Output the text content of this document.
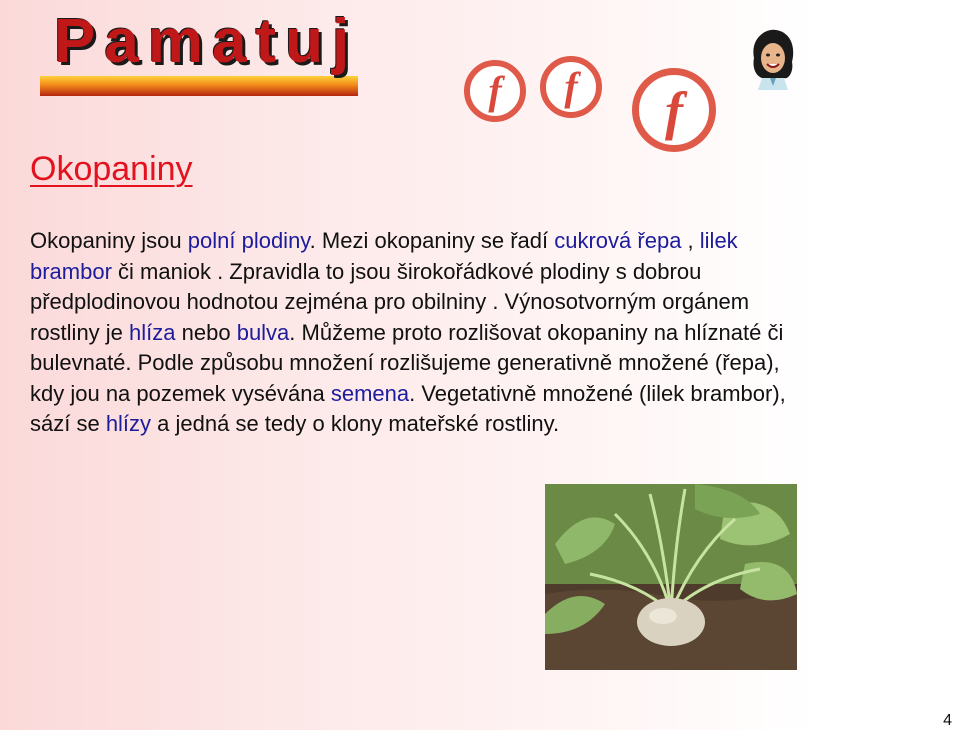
Pamatuj
f	f	f
Okopaniny

Okopaniny jsou polní plodiny. Mezi okopaniny se řadí cukrová řepa , lilek brambor či maniok . Zpravidla to jsou širokořádkové plodiny s dobrou předplodinovou hodnotou zejména pro obilniny . Výnosotvorným orgánem rostliny je hlíza nebo bulva. Můžeme proto rozlišovat okopaniny na hlíznaté či bulevnaté. Podle způsobu množení rozlišujeme generativně množené (řepa), kdy jou na pozemek vysévána semena. Vegetativně množené (lilek brambor), sází se hlízy a jedná se tedy o klony mateřské rostliny.

4
